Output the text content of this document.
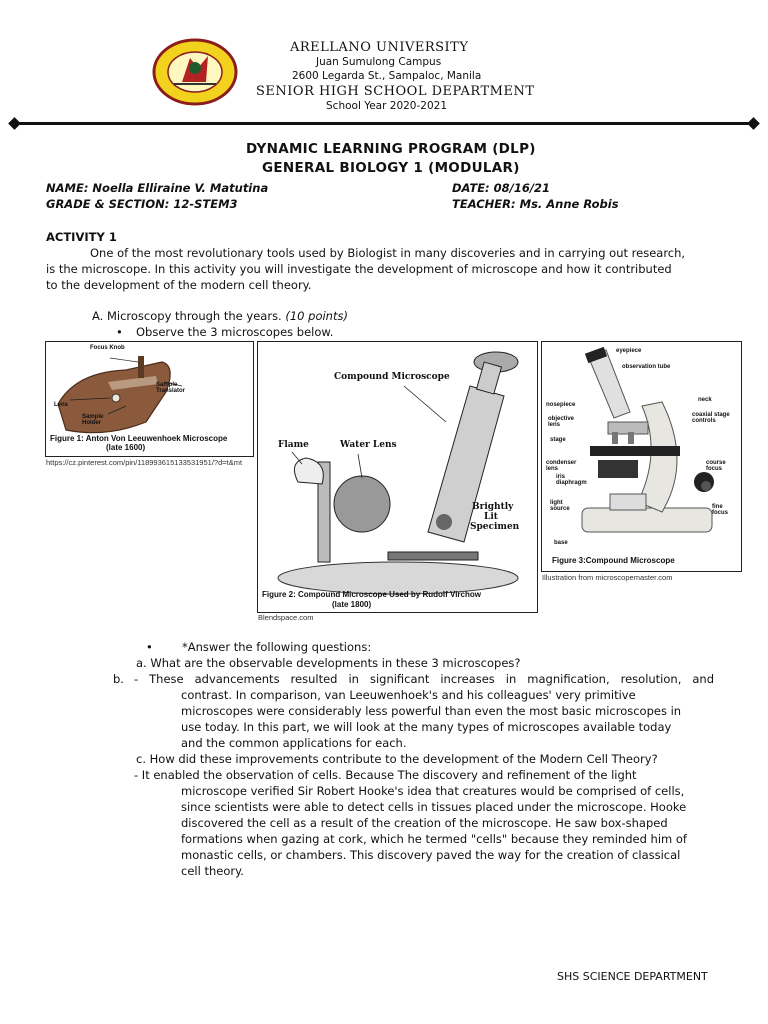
ARELLANO UNIVERSITY
Juan Sumulong Campus
2600 Legarda St., Sampaloc, Manila
SENIOR HIGH SCHOOL DEPARTMENT
School Year 2020-2021
DYNAMIC LEARNING PROGRAM (DLP)
GENERAL BIOLOGY 1 (MODULAR)
NAME: Noella Elliraine V. Matutina	DATE: 08/16/21
GRADE & SECTION: 12-STEM3	TEACHER: Ms. Anne Robis
ACTIVITY 1
One of the most revolutionary tools used by Biologist in many discoveries and in carrying out research,
is the microscope. In this activity you will investigate the development of microscope and how it contributed
to the development of the modern cell theory.
A. Microscopy through the years. (10 points)
• Observe the 3 microscopes below.
Focus Knob
Lens
Sample Translator
Sample Holder
Figure 1: Anton Von Leeuwenhoek Microscope
(late 1600)
https://cz.pinterest.com/pin/118993615133531951/?d=t&mt
Compound Microscope
Flame	Water Lens
Brightly
Lit
Specimen
Figure 2: Compound Microscope Used by Rudolf Virchow
(late 1800)
Blendspace.com
eyepiece
observation tube
neck
nosepiece
objective lens
coaxial stage controls
stage
condenser lens
iris diaphragm
course focus
light source	fine focus
base
Figure 3:Compound Microscope
Illustration from microscopemaster.com
•	*Answer the following questions:
a. What are the observable developments in these 3 microscopes?
b. - These advancements resulted in significant increases in magnification, resolution, and
contrast. In comparison, van Leeuwenhoek's and his colleagues' very primitive
microscopes were considerably less powerful than even the most basic microscopes in
use today. In this part, we will look at the many types of microscopes available today
and the common applications for each.
c. How did these improvements contribute to the development of the Modern Cell Theory?
- It enabled the observation of cells. Because The discovery and refinement of the light
microscope verified Sir Robert Hooke's idea that creatures would be comprised of cells,
since scientists were able to detect cells in tissues placed under the microscope. Hooke
discovered the cell as a result of the creation of the microscope. He saw box-shaped
formations when gazing at cork, which he termed "cells" because they reminded him of
monastic cells, or chambers. This discovery paved the way for the creation of classical
cell theory.
SHS SCIENCE DEPARTMENT
